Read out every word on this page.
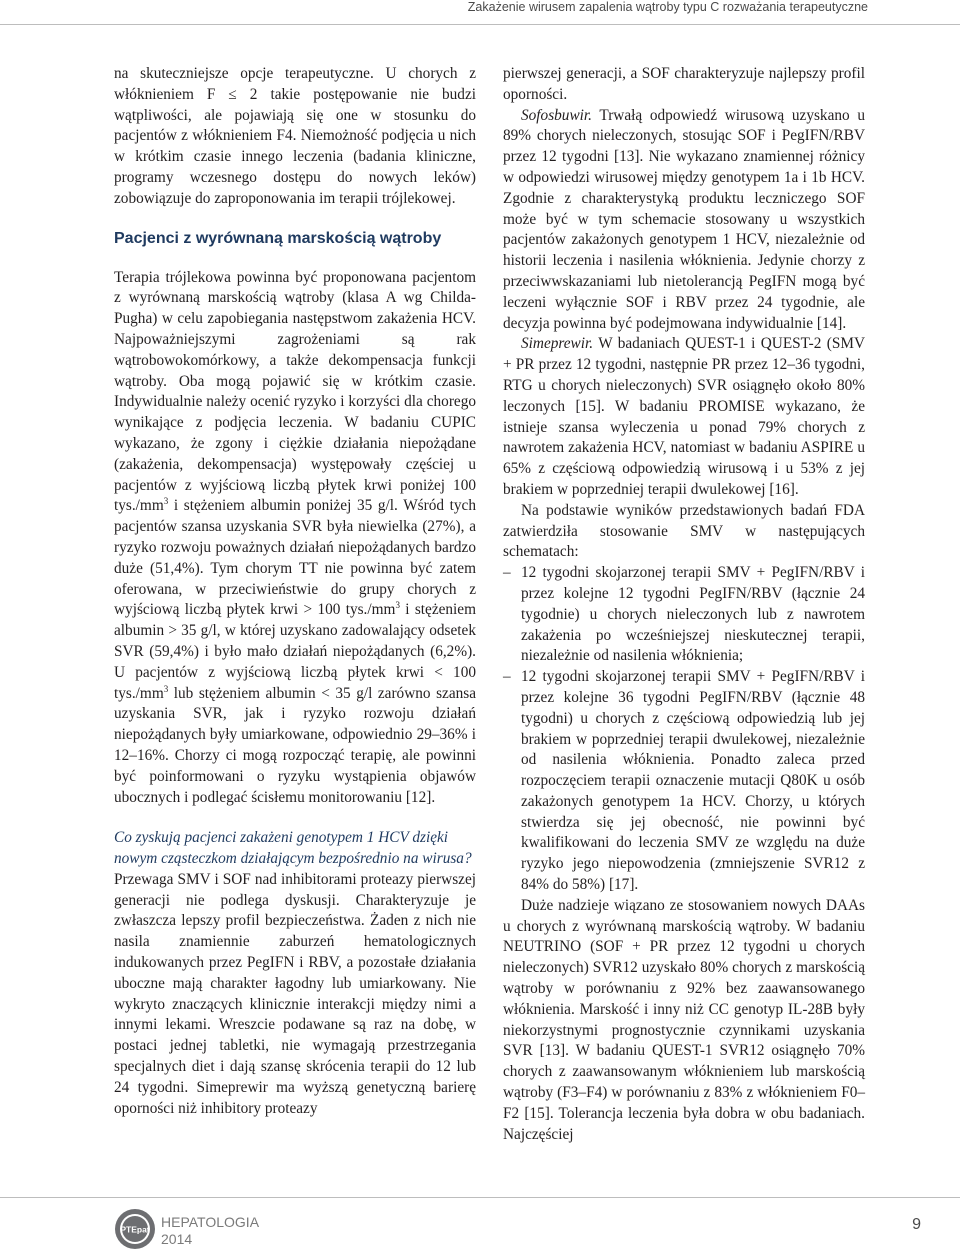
Zakażenie wirusem zapalenia wątroby typu C rozważania terapeutyczne

na skuteczniejsze opcje terapeutyczne. U chorych z włóknieniem F ≤ 2 takie postępowanie nie budzi wątpliwości, ale pojawiają się one w stosunku do pacjentów z włóknieniem F4. Niemożność podjęcia u nich w krótkim czasie innego leczenia (badania kliniczne, programy wczesnego dostępu do nowych leków) zobowiązuje do zaproponowania im terapii trójlekowej.

Pacjenci z wyrównaną marskością wątroby

Terapia trójlekowa powinna być proponowana pacjentom z wyrównaną marskością wątroby (klasa A wg Childa-Pugha) w celu zapobiegania następstwom zakażenia HCV. Najpoważniejszymi zagrożeniami są rak wątrobowokomórkowy, a także dekompensacja funkcji wątroby. Oba mogą pojawić się w krótkim czasie. Indywidualnie należy ocenić ryzyko i korzyści dla chorego wynikające z podjęcia leczenia. W badaniu CUPIC wykazano, że zgony i ciężkie działania niepożądane (zakażenia, dekompensacja) występowały częściej u pacjentów z wyjściową liczbą płytek krwi poniżej 100 $tys./mm^3$ i stężeniem albumin poniżej 35 g/l. Wśród tych pacjentów szansa uzyskania SVR była niewielka (27%), a ryzyko rozwoju poważnych działań niepożądanych bardzo duże (51,4%). Tym chorym TT nie powinna być zatem oferowana, w przeciwieństwie do grupy chorych z wyjściową liczbą płytek krwi > 100 $tys./mm^3$ i stężeniem albumin > 35 g/l, w której uzyskano zadowalający odsetek SVR (59,4%) i było mało działań niepożądanych (6,2%). U pacjentów z wyjściową liczbą płytek krwi < 100 $tys./mm^3$ lub stężeniem albumin < 35 g/l zarówno szansa uzyskania SVR, jak i ryzyko rozwoju działań niepożądanych były umiarkowane, odpowiednio 29–36% i 12–16%. Chorzy ci mogą rozpocząć terapię, ale powinni być poinformowani o ryzyku wystąpienia objawów ubocznych i podlegać ścisłemu monitorowaniu [12].

Co zyskują pacjenci zakażeni genotypem 1 HCV dzięki nowym cząsteczkom działającym bezpośrednio na wirusa?

Przewaga SMV i SOF nad inhibitorami proteazy pierwszej generacji nie podlega dyskusji. Charakteryzuje je zwłaszcza lepszy profil bezpieczeństwa. Żaden z nich nie nasila znamiennie zaburzeń hematologicznych indukowanych przez PegIFN i RBV, a pozostałe działania uboczne mają charakter łagodny lub umiarkowany. Nie wykryto znaczących klinicznie interakcji między nimi a innymi lekami. Wreszcie podawane są raz na dobę, w postaci jednej tabletki, nie wymagają przestrzegania specjalnych diet i dają szansę skrócenia terapii do 12 lub 24 tygodni. Simeprewir ma wyższą genetyczną barierę oporności niż inhibitory proteazy

pierwszej generacji, a SOF charakteryzuje najlepszy profil oporności.

Sofosbuwir. Trwałą odpowiedź wirusową uzyskano u 89% chorych nieleczonych, stosując SOF i PegIFN/RBV przez 12 tygodni [13]. Nie wykazano znamiennej różnicy w odpowiedzi wirusowej między genotypem 1a i 1b HCV. Zgodnie z charakterystyką produktu leczniczego SOF może być w tym schemacie stosowany u wszystkich pacjentów zakażonych genotypem 1 HCV, niezależnie od historii leczenia i nasilenia włóknienia. Jedynie chorzy z przeciwwskazaniami lub nietolerancją PegIFN mogą być leczeni wyłącznie SOF i RBV przez 24 tygodnie, ale decyzja powinna być podejmowana indywidualnie [14].

Simeprewir. W badaniach QUEST-1 i QUEST-2 (SMV + PR przez 12 tygodni, następnie PR przez 12–36 tygodni, RTG u chorych nieleczonych) SVR osiągnęło około 80% leczonych [15]. W badaniu PROMISE wykazano, że istnieje szansa wyleczenia u ponad 79% chorych z nawrotem zakażenia HCV, natomiast w badaniu ASPIRE u 65% z częściową odpowiedzią wirusową i u 53% z jej brakiem w poprzedniej terapii dwulekowej [16].

Na podstawie wyników przedstawionych badań FDA zatwierdziła stosowanie SMV w następujących schematach:

– 12 tygodni skojarzonej terapii SMV + PegIFN/RBV i przez kolejne 12 tygodni PegIFN/RBV (łącznie 24 tygodnie) u chorych nieleczonych lub z nawrotem zakażenia po wcześniejszej nieskutecznej terapii, niezależnie od nasilenia włóknienia;
– 12 tygodni skojarzonej terapii SMV + PegIFN/RBV i przez kolejne 36 tygodni PegIFN/RBV (łącznie 48 tygodni) u chorych z częściową odpowiedzią lub jej brakiem w poprzedniej terapii dwulekowej, niezależnie od nasilenia włóknienia. Ponadto zaleca przed rozpoczęciem terapii oznaczenie mutacji Q80K u osób zakażonych genotypem 1a HCV. Chorzy, u których stwierdza się jej obecność, nie powinni być kwalifikowani do leczenia SMV ze względu na duże ryzyko jego niepowodzenia (zmniejszenie SVR12 z 84% do 58%) [17].

Duże nadzieje wiązano ze stosowaniem nowych DAAs u chorych z wyrównaną marskością wątroby. W badaniu NEUTRINO (SOF + PR przez 12 tygodni u chorych nieleczonych) SVR12 uzyskało 80% chorych z marskością wątroby w porównaniu z 92% bez zaawansowanego włóknienia. Marskość i inny niż CC genotyp IL-28B były niekorzystnymi prognostycznie czynnikami uzyskania SVR [13]. W badaniu QUEST-1 SVR12 osiągnęło 70% chorych z zaawansowanym włóknieniem lub marskością wątroby (F3–F4) w porównaniu z 83% z włóknieniem F0–F2 [15]. Tolerancja leczenia była dobra w obu badaniach. Najczęściej

PTEpat HEPATOLOGIA
2014
9
